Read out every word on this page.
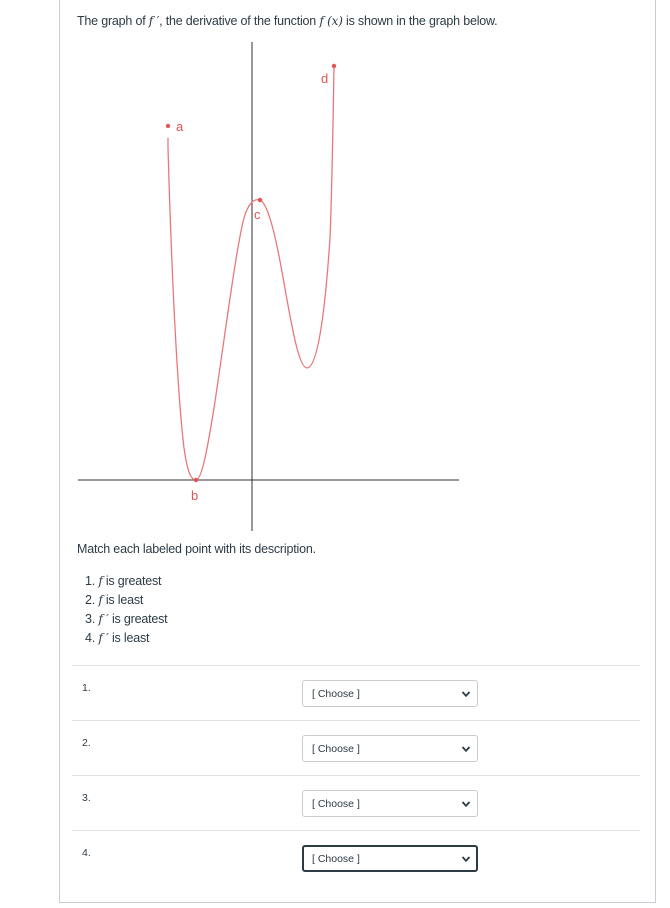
The graph of f ′, the derivative of the function f (x) is shown in the graph below.
a
b
c
d
Match each labeled point with its description.
1. f is greatest
2. f is least
3. f ′ is greatest
4. f ′ is least
1.	[ Choose ]
2.	[ Choose ]
3.	[ Choose ]
4.	[ Choose ]
